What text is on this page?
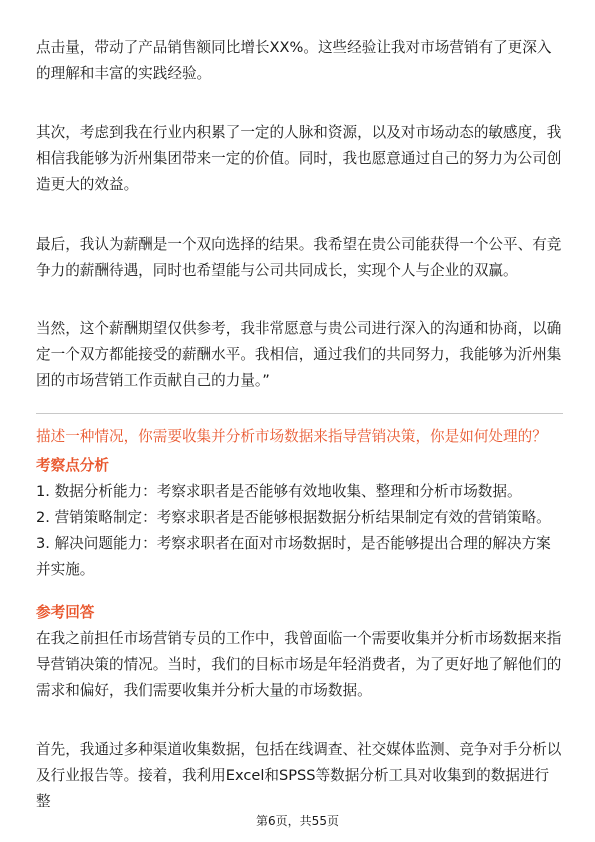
点击量，带动了产品销售额同比增长XX%。这些经验让我对市场营销有了更深入的理解和丰富的实践经验。

其次，考虑到我在行业内积累了一定的人脉和资源，以及对市场动态的敏感度，我相信我能够为沂州集团带来一定的价值。同时，我也愿意通过自己的努力为公司创造更大的效益。

最后，我认为薪酬是一个双向选择的结果。我希望在贵公司能获得一个公平、有竞争力的薪酬待遇，同时也希望能与公司共同成长，实现个人与企业的双赢。

当然，这个薪酬期望仅供参考，我非常愿意与贵公司进行深入的沟通和协商，以确定一个双方都能接受的薪酬水平。我相信，通过我们的共同努力，我能够为沂州集团的市场营销工作贡献自己的力量。”

描述一种情况，你需要收集并分析市场数据来指导营销决策，你是如何处理的？
考察点分析
1. 数据分析能力：考察求职者是否能够有效地收集、整理和分析市场数据。
2. 营销策略制定：考察求职者是否能够根据数据分析结果制定有效的营销策略。
3. 解决问题能力：考察求职者在面对市场数据时，是否能够提出合理的解决方案并实施。
参考回答

在我之前担任市场营销专员的工作中，我曾面临一个需要收集并分析市场数据来指导营销决策的情况。当时，我们的目标市场是年轻消费者，为了更好地了解他们的需求和偏好，我们需要收集并分析大量的市场数据。

首先，我通过多种渠道收集数据，包括在线调查、社交媒体监测、竞争对手分析以及行业报告等。接着，我利用Excel和SPSS等数据分析工具对收集到的数据进行整

第6页，共55页
